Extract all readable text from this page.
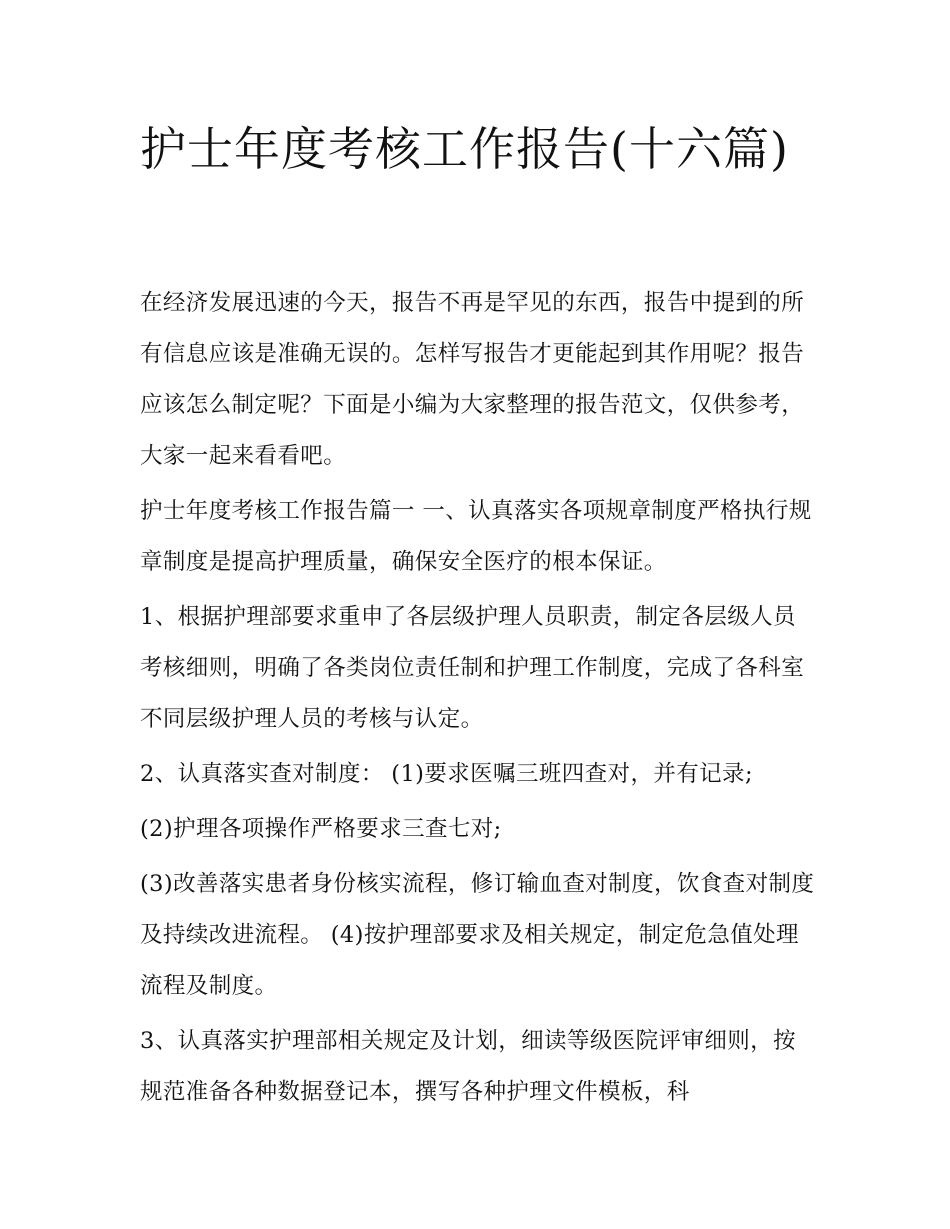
护士年度考核工作报告(十六篇)

在经济发展迅速的今天，报告不再是罕见的东西，报告中提到的所有信息应该是准确无误的。怎样写报告才更能起到其作用呢？报告应该怎么制定呢？下面是小编为大家整理的报告范文，仅供参考，大家一起来看看吧。

护士年度考核工作报告篇一 一、认真落实各项规章制度严格执行规章制度是提高护理质量，确保安全医疗的根本保证。

1、根据护理部要求重申了各层级护理人员职责，制定各层级人员考核细则，明确了各类岗位责任制和护理工作制度，完成了各科室不同层级护理人员的考核与认定。

2、认真落实查对制度： (1)要求医嘱三班四查对，并有记录;

(2)护理各项操作严格要求三查七对;

(3)改善落实患者身份核实流程，修订输血查对制度，饮食查对制度及持续改进流程。 (4)按护理部要求及相关规定，制定危急值处理流程及制度。

3、认真落实护理部相关规定及计划，细读等级医院评审细则，按规范准备各种数据登记本，撰写各种护理文件模板，科
